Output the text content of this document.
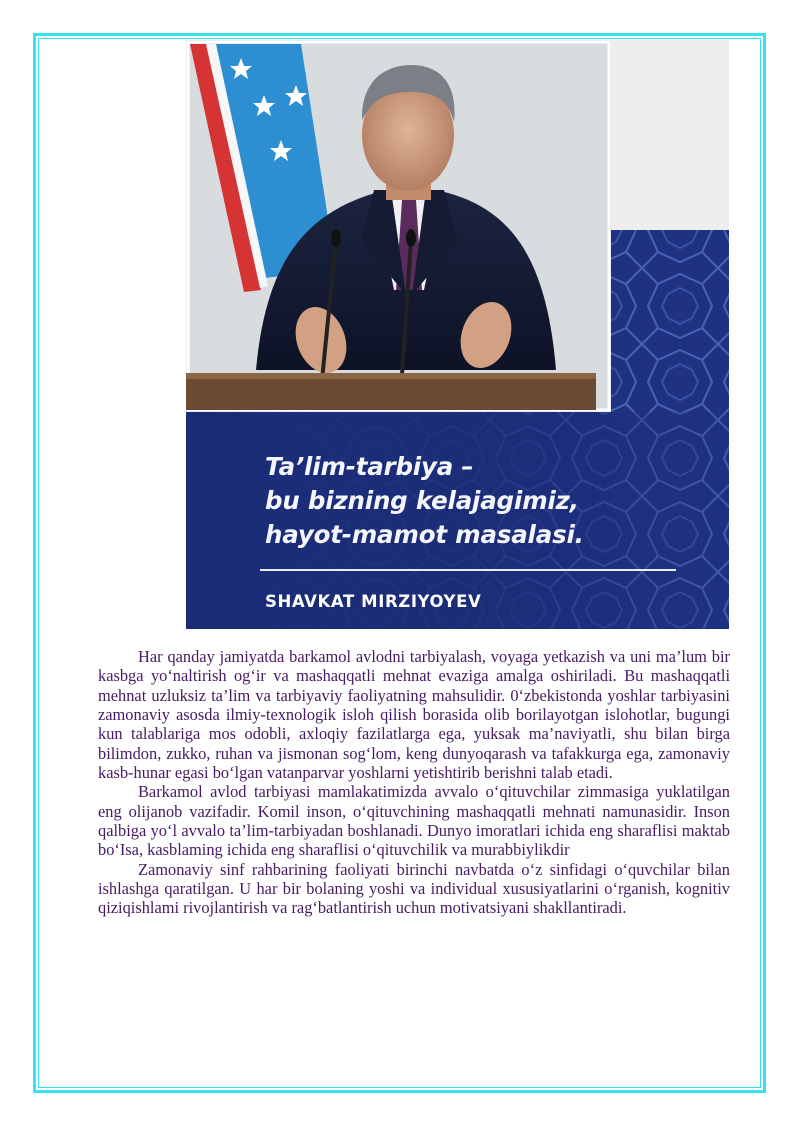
Ta’lim-tarbiya –
bu bizning kelajagimiz,
hayot-mamot masalasi.
SHAVKAT MIRZIYOYEV

Har qanday jamiyatda barkamol avlodni tarbiyalash, voyaga yetkazish va uni ma’lum bir kasbga yo‘naltirish og‘ir va mashaqqatli mehnat evaziga amalga oshiriladi. Bu mashaqqatli mehnat uzluksiz ta’lim va tarbiyaviy faoliyatning mahsulidir. 0‘zbekistonda yoshlar tarbiyasini zamonaviy asosda ilmiy-texnologik isloh qilish borasida olib borilayotgan islohotlar, bugungi kun talablariga mos odobli, axloqiy fazilatlarga ega, yuksak ma’naviyatli, shu bilan birga bilimdon, zukko, ruhan va jismonan sog‘lom, keng dunyoqarash va tafakkurga ega, zamonaviy kasb-hunar egasi bo‘lgan vatanparvar yoshlarni yetishtirib berishni talab etadi.

Barkamol avlod tarbiyasi mamlakatimizda avvalo o‘qituvchilar zimmasiga yuklatilgan eng olijanob vazifadir. Komil inson, o‘qituvchining mashaqqatli mehnati namunasidir. Inson qalbiga yo‘l avvalo ta’lim-tarbiyadan boshlanadi. Dunyo imoratlari ichida eng sharaflisi maktab bo‘Isa, kasblaming ichida eng sharaflisi o‘qituvchilik va murabbiylikdir

Zamonaviy sinf rahbarining faoliyati birinchi navbatda o‘z sinfidagi o‘quvchilar bilan ishlashga qaratilgan. U har bir bolaning yoshi va individual xususiyatlarini o‘rganish, kognitiv qiziqishlami rivojlantirish va rag‘batlantirish uchun motivatsiyani shakllantiradi.
